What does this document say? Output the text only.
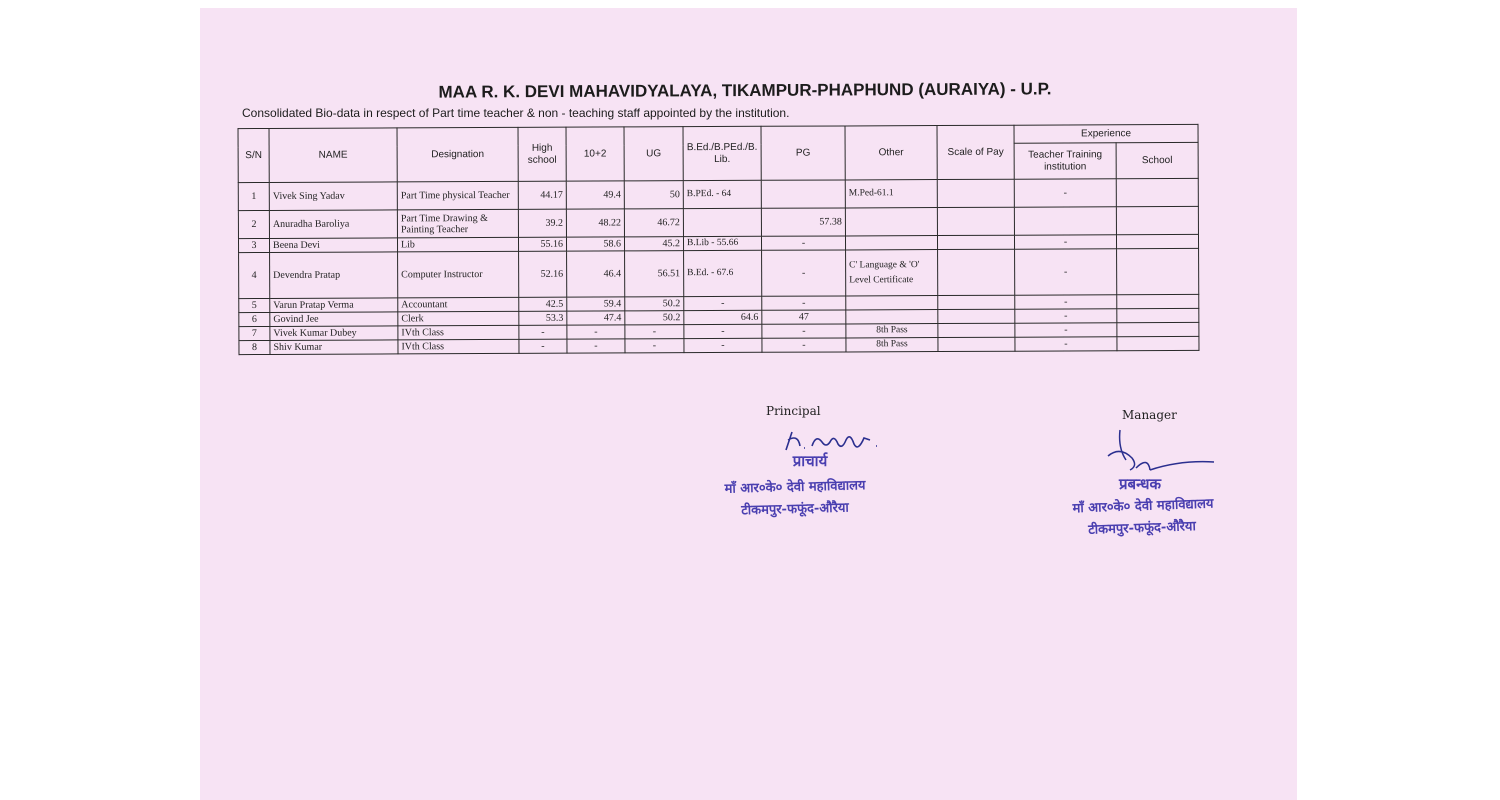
MAA R. K. DEVI MAHAVIDYALAYA, TIKAMPUR-PHAPHUND (AURAIYA) - U.P.
Consolidated Bio-data in respect of Part time teacher & non - teaching staff appointed by the institution.
S/N	NAME	Designation	High school	10+2	UG	B.Ed./B.PEd./B. Lib.	PG	Other	Scale of Pay	Experience	
										Teacher Training institution	School
1	Vivek Sing Yadav	Part Time physical Teacher	44.17	49.4	50	B.PEd. - 64		M.Ped-61.1		-	
2	Anuradha Baroliya	Part Time Drawing & Painting Teacher	39.2	48.22	46.72		57.38				
3	Beena Devi	Lib	55.16	58.6	45.2	B.Lib - 55.66	-			-	
4	Devendra Pratap	Computer Instructor	52.16	46.4	56.51	B.Ed. - 67.6	-	C' Language & 'O' Level Certificate		-	
5	Varun Pratap Verma	Accountant	42.5	59.4	50.2	-	-			-	
6	Govind Jee	Clerk	53.3	47.4	50.2	64.6	47			-	
7	Vivek Kumar Dubey	IVth Class	-	-	-	-	-	8th Pass		-	
8	Shiv Kumar	IVth Class	-	-	-	-	-	8th Pass		-	
Principal
प्राचार्य
माँ आर०के० देवी महाविद्यालय
टीकमपुर-फफूंद-औरैया
Manager
प्रबन्धक
माँ आर०के० देवी महाविद्यालय
टीकमपुर-फफूंद-औरैया
